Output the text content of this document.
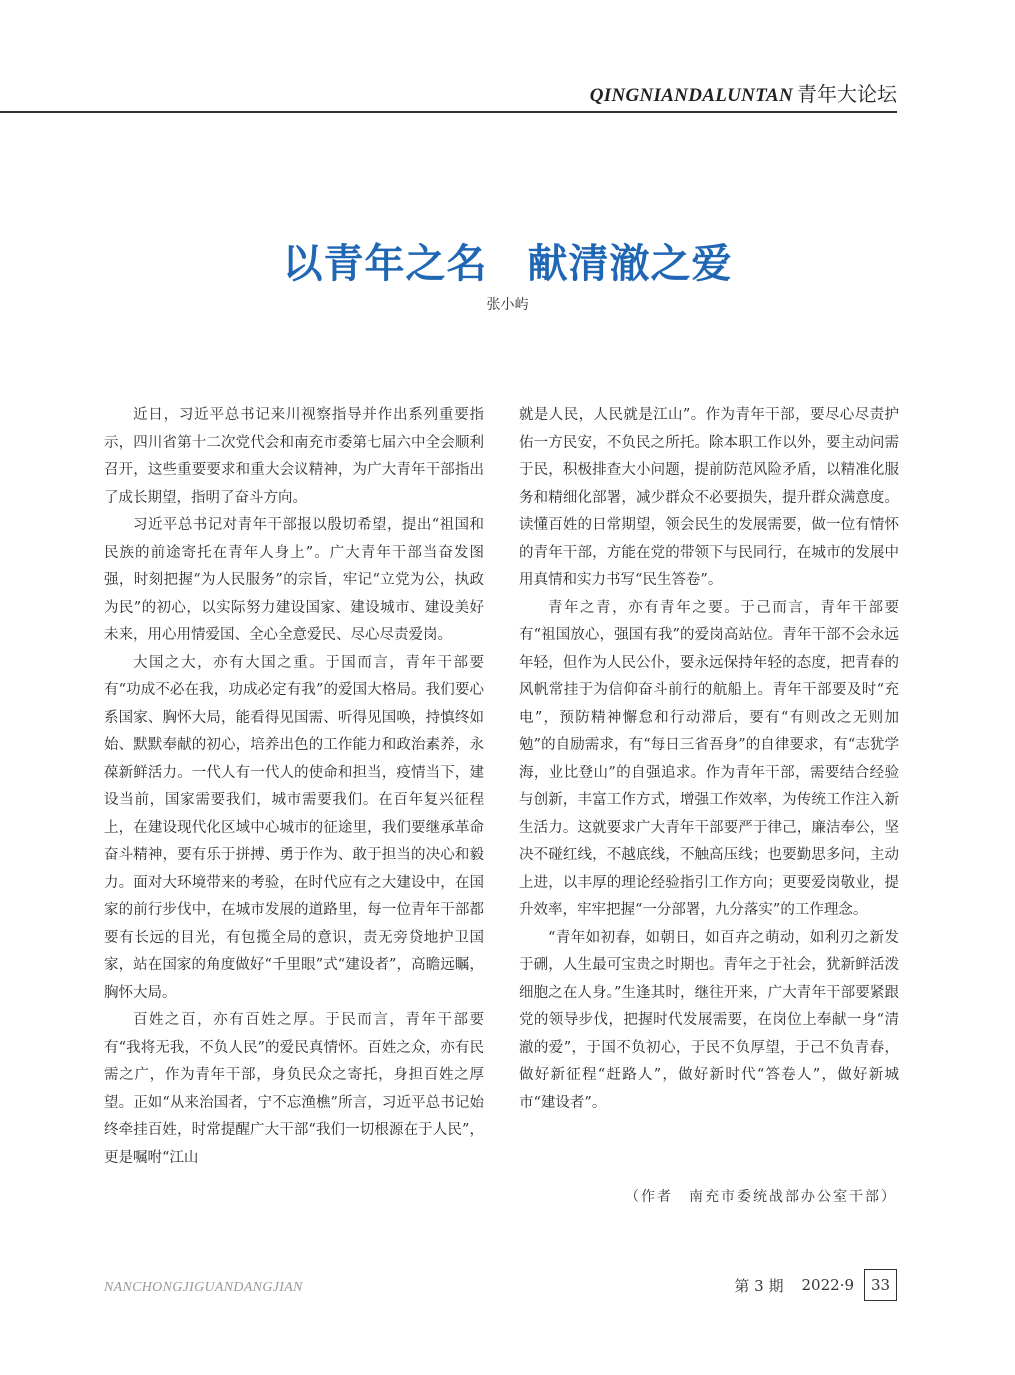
QINGNIANDALUNTAN 青年大论坛
以青年之名 献清澈之爱
张小屿

近日，习近平总书记来川视察指导并作出系列重要指示，四川省第十二次党代会和南充市委第七届六中全会顺利召开，这些重要要求和重大会议精神，为广大青年干部指出了成长期望，指明了奋斗方向。

习近平总书记对青年干部报以殷切希望，提出“祖国和民族的前途寄托在青年人身上”。广大青年干部当奋发图强，时刻把握“为人民服务”的宗旨，牢记“立党为公，执政为民”的初心，以实际努力建设国家、建设城市、建设美好未来，用心用情爱国、全心全意爱民、尽心尽责爱岗。

大国之大，亦有大国之重。于国而言，青年干部要有“功成不必在我，功成必定有我”的爱国大格局。我们要心系国家、胸怀大局，能看得见国需、听得见国唤，持慎终如始、默默奉献的初心，培养出色的工作能力和政治素养，永葆新鲜活力。一代人有一代人的使命和担当，疫情当下，建设当前，国家需要我们，城市需要我们。在百年复兴征程上，在建设现代化区域中心城市的征途里，我们要继承革命奋斗精神，要有乐于拼搏、勇于作为、敢于担当的决心和毅力。面对大环境带来的考验，在时代应有之大建设中，在国家的前行步伐中，在城市发展的道路里，每一位青年干部都要有长远的目光，有包揽全局的意识，责无旁贷地护卫国家，站在国家的角度做好“千里眼”式“建设者”，高瞻远瞩，胸怀大局。

百姓之百，亦有百姓之厚。于民而言，青年干部要有“我将无我，不负人民”的爱民真情怀。百姓之众，亦有民需之广，作为青年干部，身负民众之寄托，身担百姓之厚望。正如“从来治国者，宁不忘渔樵”所言，习近平总书记始终牵挂百姓，时常提醒广大干部“我们一切根源在于人民”，更是嘱咐“江山

就是人民，人民就是江山”。作为青年干部，要尽心尽责护佑一方民安，不负民之所托。除本职工作以外，要主动问需于民，积极排查大小问题，提前防范风险矛盾，以精准化服务和精细化部署，减少群众不必要损失，提升群众满意度。读懂百姓的日常期望，领会民生的发展需要，做一位有情怀的青年干部，方能在党的带领下与民同行，在城市的发展中用真情和实力书写“民生答卷”。

青年之青，亦有青年之要。于己而言，青年干部要有“祖国放心，强国有我”的爱岗高站位。青年干部不会永远年轻，但作为人民公仆，要永远保持年轻的态度，把青春的风帆常挂于为信仰奋斗前行的航船上。青年干部要及时“充电”，预防精神懈怠和行动滞后，要有“有则改之无则加勉”的自励需求，有“每日三省吾身”的自律要求，有“志犹学海，业比登山”的自强追求。作为青年干部，需要结合经验与创新，丰富工作方式，增强工作效率，为传统工作注入新生活力。这就要求广大青年干部要严于律己，廉洁奉公，坚决不碰红线，不越底线，不触高压线；也要勤思多问，主动上进，以丰厚的理论经验指引工作方向；更要爱岗敬业，提升效率，牢牢把握“一分部署，九分落实”的工作理念。

“青年如初春，如朝日，如百卉之萌动，如利刃之新发于硎，人生最可宝贵之时期也。青年之于社会，犹新鲜活泼细胞之在人身。”生逢其时，继往开来，广大青年干部要紧跟党的领导步伐，把握时代发展需要，在岗位上奉献一身“清澈的爱”，于国不负初心，于民不负厚望，于己不负青春，做好新征程“赶路人”，做好新时代“答卷人”，做好新城市“建设者”。

（作者　南充市委统战部办公室干部）
NANCHONGJIGUANDANGJIAN	第 3 期 2022·9	33
